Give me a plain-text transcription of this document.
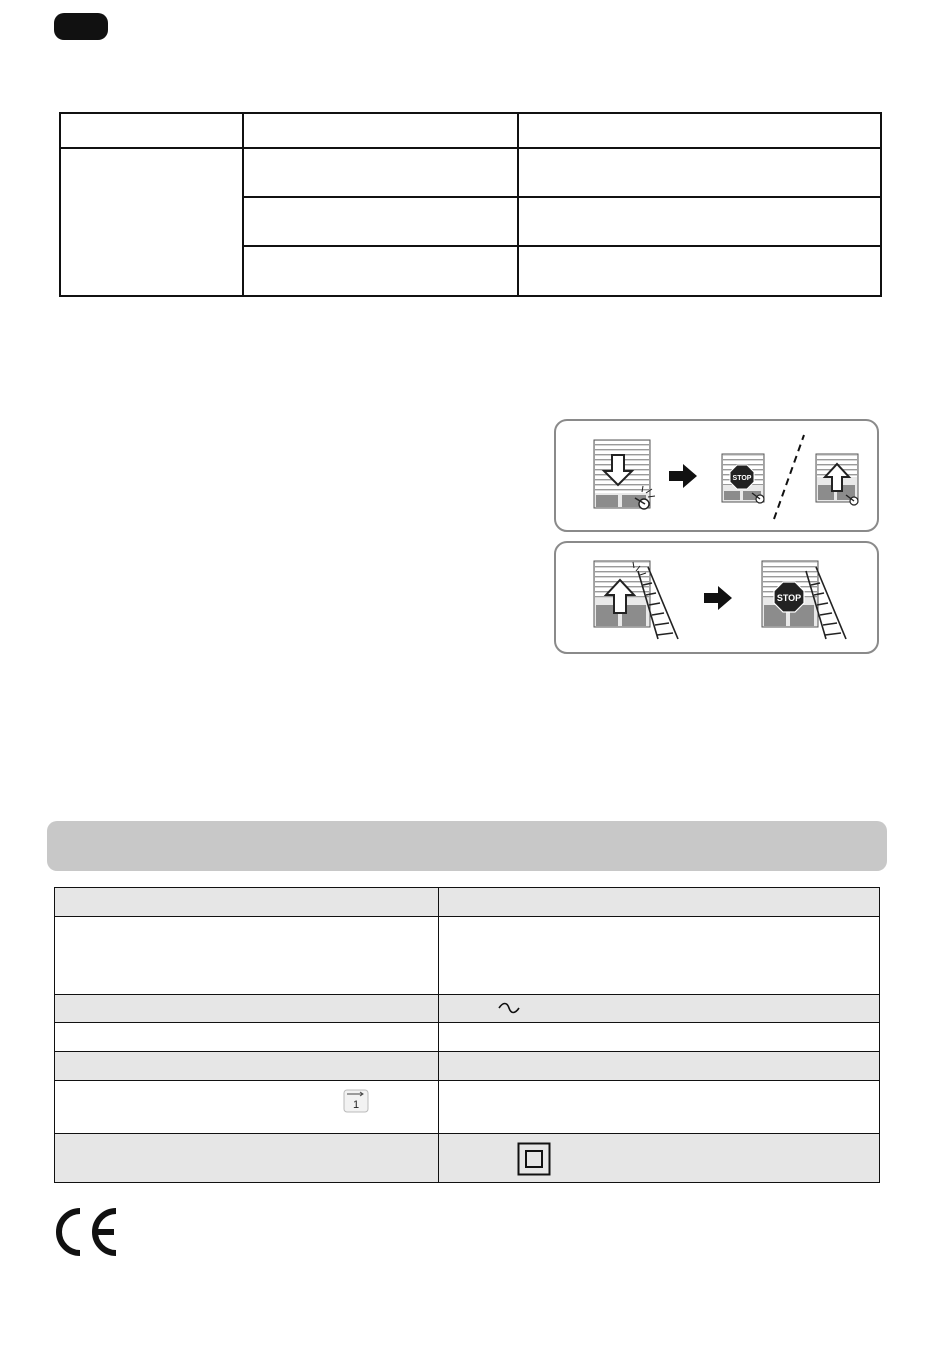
STOP
STOP
1
